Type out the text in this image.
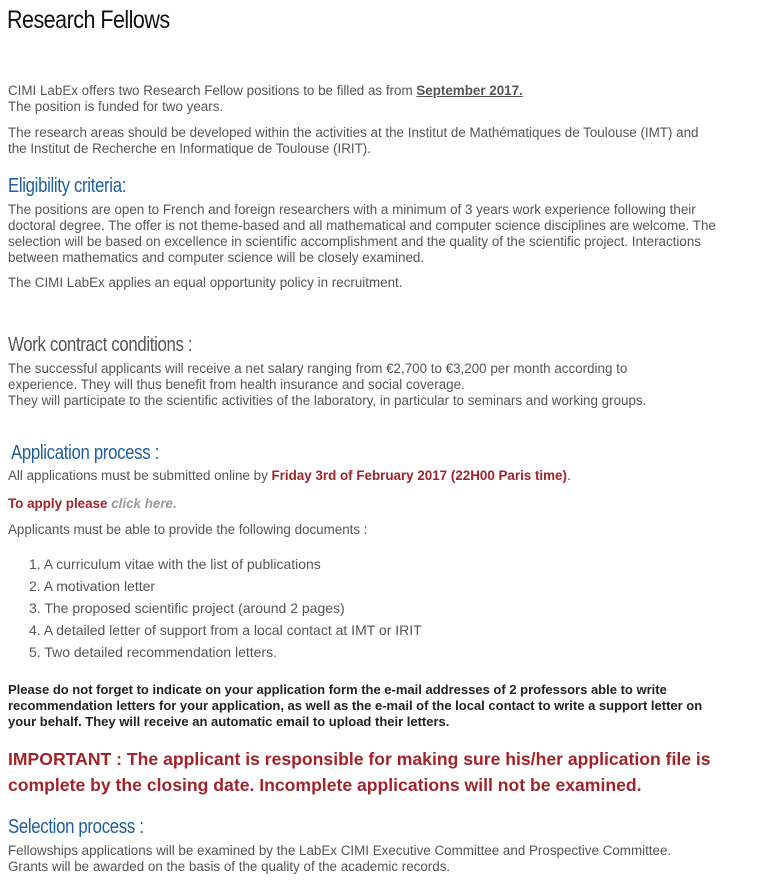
Research Fellows

CIMI LabEx offers two Research Fellow positions to be filled as from September 2017.
The position is funded for two years.

The research areas should be developed within the activities at the Institut de Mathématiques de Toulouse (IMT) and the Institut de Recherche en Informatique de Toulouse (IRIT).

Eligibility criteria:

The positions are open to French and foreign researchers with a minimum of 3 years work experience following their doctoral degree. The offer is not theme-based and all mathematical and computer science disciplines are welcome. The selection will be based on excellence in scientific accomplishment and the quality of the scientific project. Interactions between mathematics and computer science will be closely examined.

The CIMI LabEx applies an equal opportunity policy in recruitment.

Work contract conditions :

The successful applicants will receive a net salary ranging from €2,700 to €3,200 per month according to experience. They will thus benefit from health insurance and social coverage.

They will participate to the scientific activities of the laboratory, in particular to seminars and working groups.

Application process :

All applications must be submitted online by Friday 3rd of February 2017 (22H00 Paris time).

To apply please click here.

Applicants must be able to provide the following documents :

1. A curriculum vitae with the list of publications
2. A motivation letter
3. The proposed scientific project (around 2 pages)
4. A detailed letter of support from a local contact at IMT or IRIT
5. Two detailed recommendation letters.

Please do not forget to indicate on your application form the e-mail addresses of 2 professors able to write recommendation letters for your application, as well as the e-mail of the local contact to write a support letter on your behalf. They will receive an automatic email to upload their letters.

IMPORTANT : The applicant is responsible for making sure his/her application file is complete by the closing date. Incomplete applications will not be examined.

Selection process :

Fellowships applications will be examined by the LabEx CIMI Executive Committee and Prospective Committee.
Grants will be awarded on the basis of the quality of the academic records.
